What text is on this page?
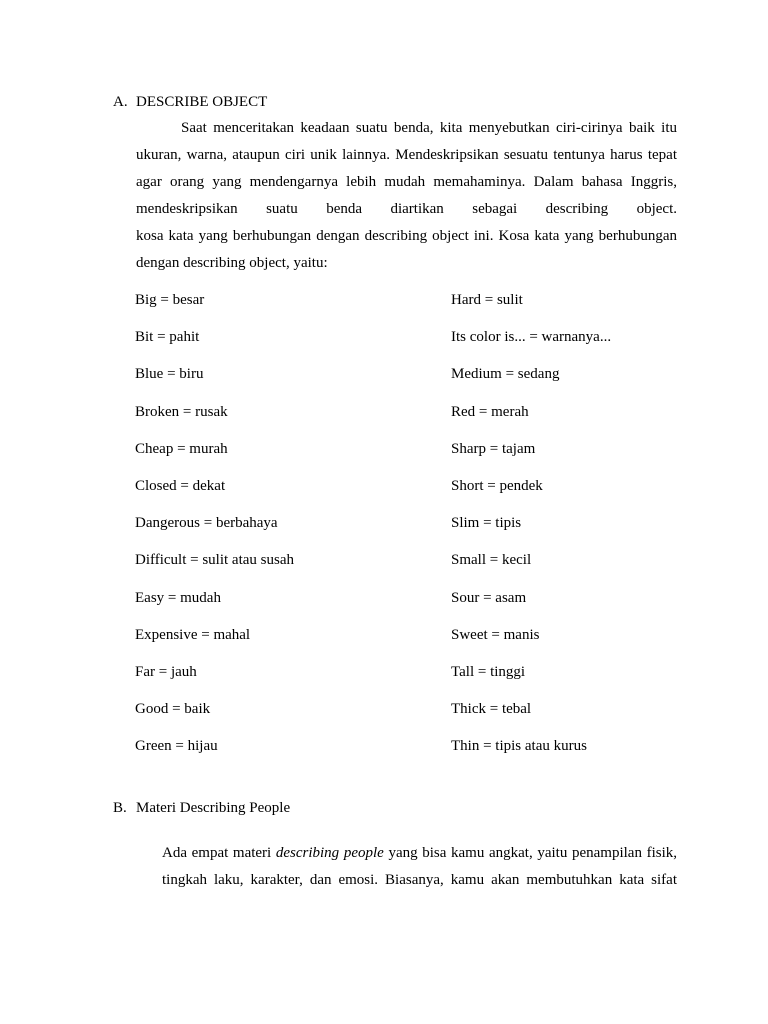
A. DESCRIBE OBJECT
Saat menceritakan keadaan suatu benda, kita menyebutkan ciri-cirinya baik itu
ukuran, warna, ataupun ciri unik lainnya. Mendeskripsikan sesuatu tentunya harus tepat
agar orang yang mendengarnya lebih mudah memahaminya. Dalam bahasa Inggris,
mendeskripsikan suatu benda diartikan sebagai describing object.
kosa kata yang berhubungan dengan describing object ini. Kosa kata yang berhubungan
dengan describing object, yaitu:
Big = besar
Bit = pahit
Blue = biru
Broken = rusak
Cheap = murah
Closed = dekat
Dangerous = berbahaya
Difficult = sulit atau susah
Easy = mudah
Expensive = mahal
Far = jauh
Good = baik
Green = hijau
Hard = sulit
Its color is... = warnanya...
Medium = sedang
Red = merah
Sharp = tajam
Short = pendek
Slim = tipis
Small = kecil
Sour = asam
Sweet = manis
Tall = tinggi
Thick = tebal
Thin = tipis atau kurus
B. Materi Describing People
Ada empat materi describing people yang bisa kamu angkat, yaitu penampilan fisik,
tingkah laku, karakter, dan emosi. Biasanya, kamu akan membutuhkan kata sifat
